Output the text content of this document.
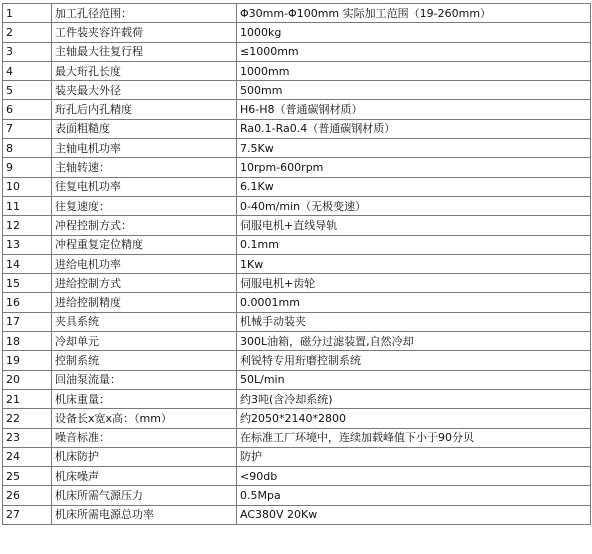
1	加工孔径范围：	Φ30mm-Φ100mm 实际加工范围（19-260mm）
2	工件装夹容许载荷	1000kg
3	主轴最大往复行程	≤1000mm
4	最大珩孔长度	1000mm
5	装夹最大外径	500mm
6	珩孔后内孔精度	H6-H8（普通碳钢材质）
7	表面粗糙度	Ra0.1-Ra0.4（普通碳钢材质）
8	主轴电机功率	7.5Kw
9	主轴转速：	10rpm-600rpm
10	往复电机功率	6.1Kw
11	往复速度：	0-40m/min（无极变速）
12	冲程控制方式：	伺服电机+直线导轨
13	冲程重复定位精度	0.1mm
14	进给电机功率	1Kw
15	进给控制方式	伺服电机+齿轮
16	进给控制精度	0.0001mm
17	夹具系统	机械手动装夹
18	冷却单元	300L油箱，磁分过滤装置,自然冷却
19	控制系统	利锐特专用珩磨控制系统
20	回油泵流量：	50L/min
21	机床重量：	约3吨(含冷却系统)
22	设备长x宽x高：（mm）	约2050*2140*2800
23	噪音标准：	在标准工厂环境中，连续加载峰值下小于90分贝
24	机床防护	防护
25	机床噪声	<90db
26	机床所需气源压力	0.5Mpa
27	机床所需电源总功率	AC380V 20Kw
